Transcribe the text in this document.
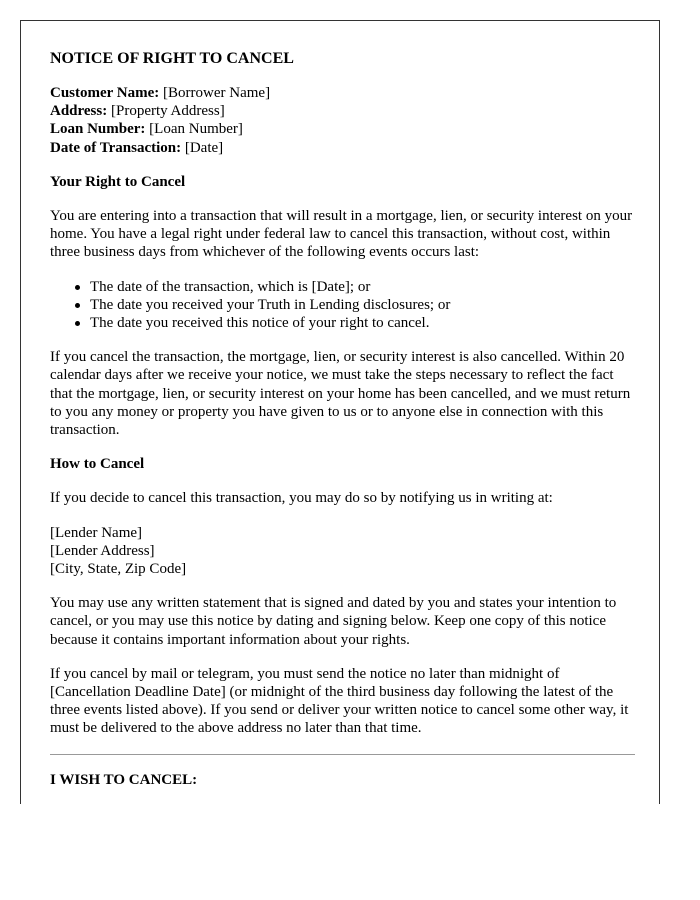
NOTICE OF RIGHT TO CANCEL
Customer Name: [Borrower Name]
Address: [Property Address]
Loan Number: [Loan Number]
Date of Transaction: [Date]
Your Right to Cancel

You are entering into a transaction that will result in a mortgage, lien, or security interest on your home. You have a legal right under federal law to cancel this transaction, without cost, within three business days from whichever of the following events occurs last:

The date of the transaction, which is [Date]; or
The date you received your Truth in Lending disclosures; or
The date you received this notice of your right to cancel.

If you cancel the transaction, the mortgage, lien, or security interest is also cancelled. Within 20 calendar days after we receive your notice, we must take the steps necessary to reflect the fact that the mortgage, lien, or security interest on your home has been cancelled, and we must return to you any money or property you have given to us or to anyone else in connection with this transaction.

How to Cancel

If you decide to cancel this transaction, you may do so by notifying us in writing at:

[Lender Name]
[Lender Address]
[City, State, Zip Code]

You may use any written statement that is signed and dated by you and states your intention to cancel, or you may use this notice by dating and signing below. Keep one copy of this notice because it contains important information about your rights.

If you cancel by mail or telegram, you must send the notice no later than midnight of [Cancellation Deadline Date] (or midnight of the third business day following the latest of the three events listed above). If you send or deliver your written notice to cancel some other way, it must be delivered to the above address no later than that time.

I WISH TO CANCEL:
